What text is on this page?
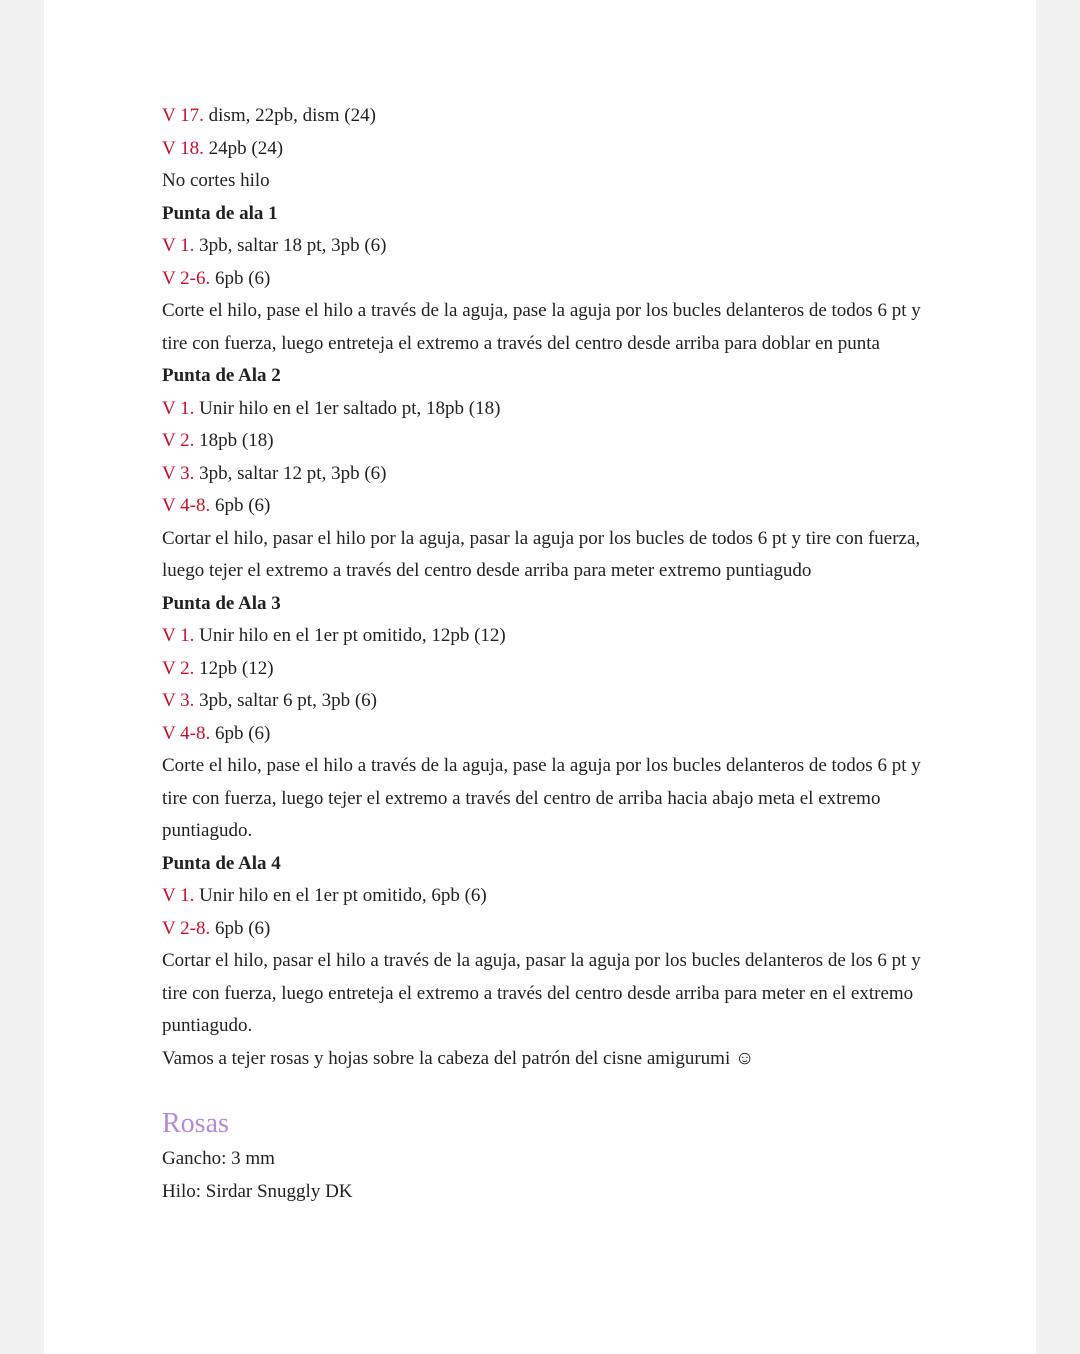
V 17. dism, 22pb, dism (24)

V 18. 24pb (24)

No cortes hilo

Punta de ala 1

V 1. 3pb, saltar 18 pt, 3pb (6)

V 2-6. 6pb (6)

Corte el hilo, pase el hilo a través de la aguja, pase la aguja por los bucles delanteros de todos 6 pt y tire con fuerza, luego entreteja el extremo a través del centro desde arriba para doblar en punta

Punta de Ala 2

V 1. Unir hilo en el 1er saltado pt, 18pb (18)

V 2. 18pb (18)

V 3. 3pb, saltar 12 pt, 3pb (6)

V 4-8. 6pb (6)

Cortar el hilo, pasar el hilo por la aguja, pasar la aguja por los bucles de todos 6 pt y tire con fuerza, luego tejer el extremo a través del centro desde arriba para meter extremo puntiagudo

Punta de Ala 3

V 1. Unir hilo en el 1er pt omitido, 12pb (12)

V 2. 12pb (12)

V 3. 3pb, saltar 6 pt, 3pb (6)

V 4-8. 6pb (6)

Corte el hilo, pase el hilo a través de la aguja, pase la aguja por los bucles delanteros de todos 6 pt y tire con fuerza, luego tejer el extremo a través del centro de arriba hacia abajo meta el extremo puntiagudo.

Punta de Ala 4

V 1. Unir hilo en el 1er pt omitido, 6pb (6)

V 2-8. 6pb (6)

Cortar el hilo, pasar el hilo a través de la aguja, pasar la aguja por los bucles delanteros de los 6 pt y tire con fuerza, luego entreteja el extremo a través del centro desde arriba para meter en el extremo puntiagudo.

Vamos a tejer rosas y hojas sobre la cabeza del patrón del cisne amigurumi ☺

Rosas

Gancho: 3 mm

Hilo: Sirdar Snuggly DK
